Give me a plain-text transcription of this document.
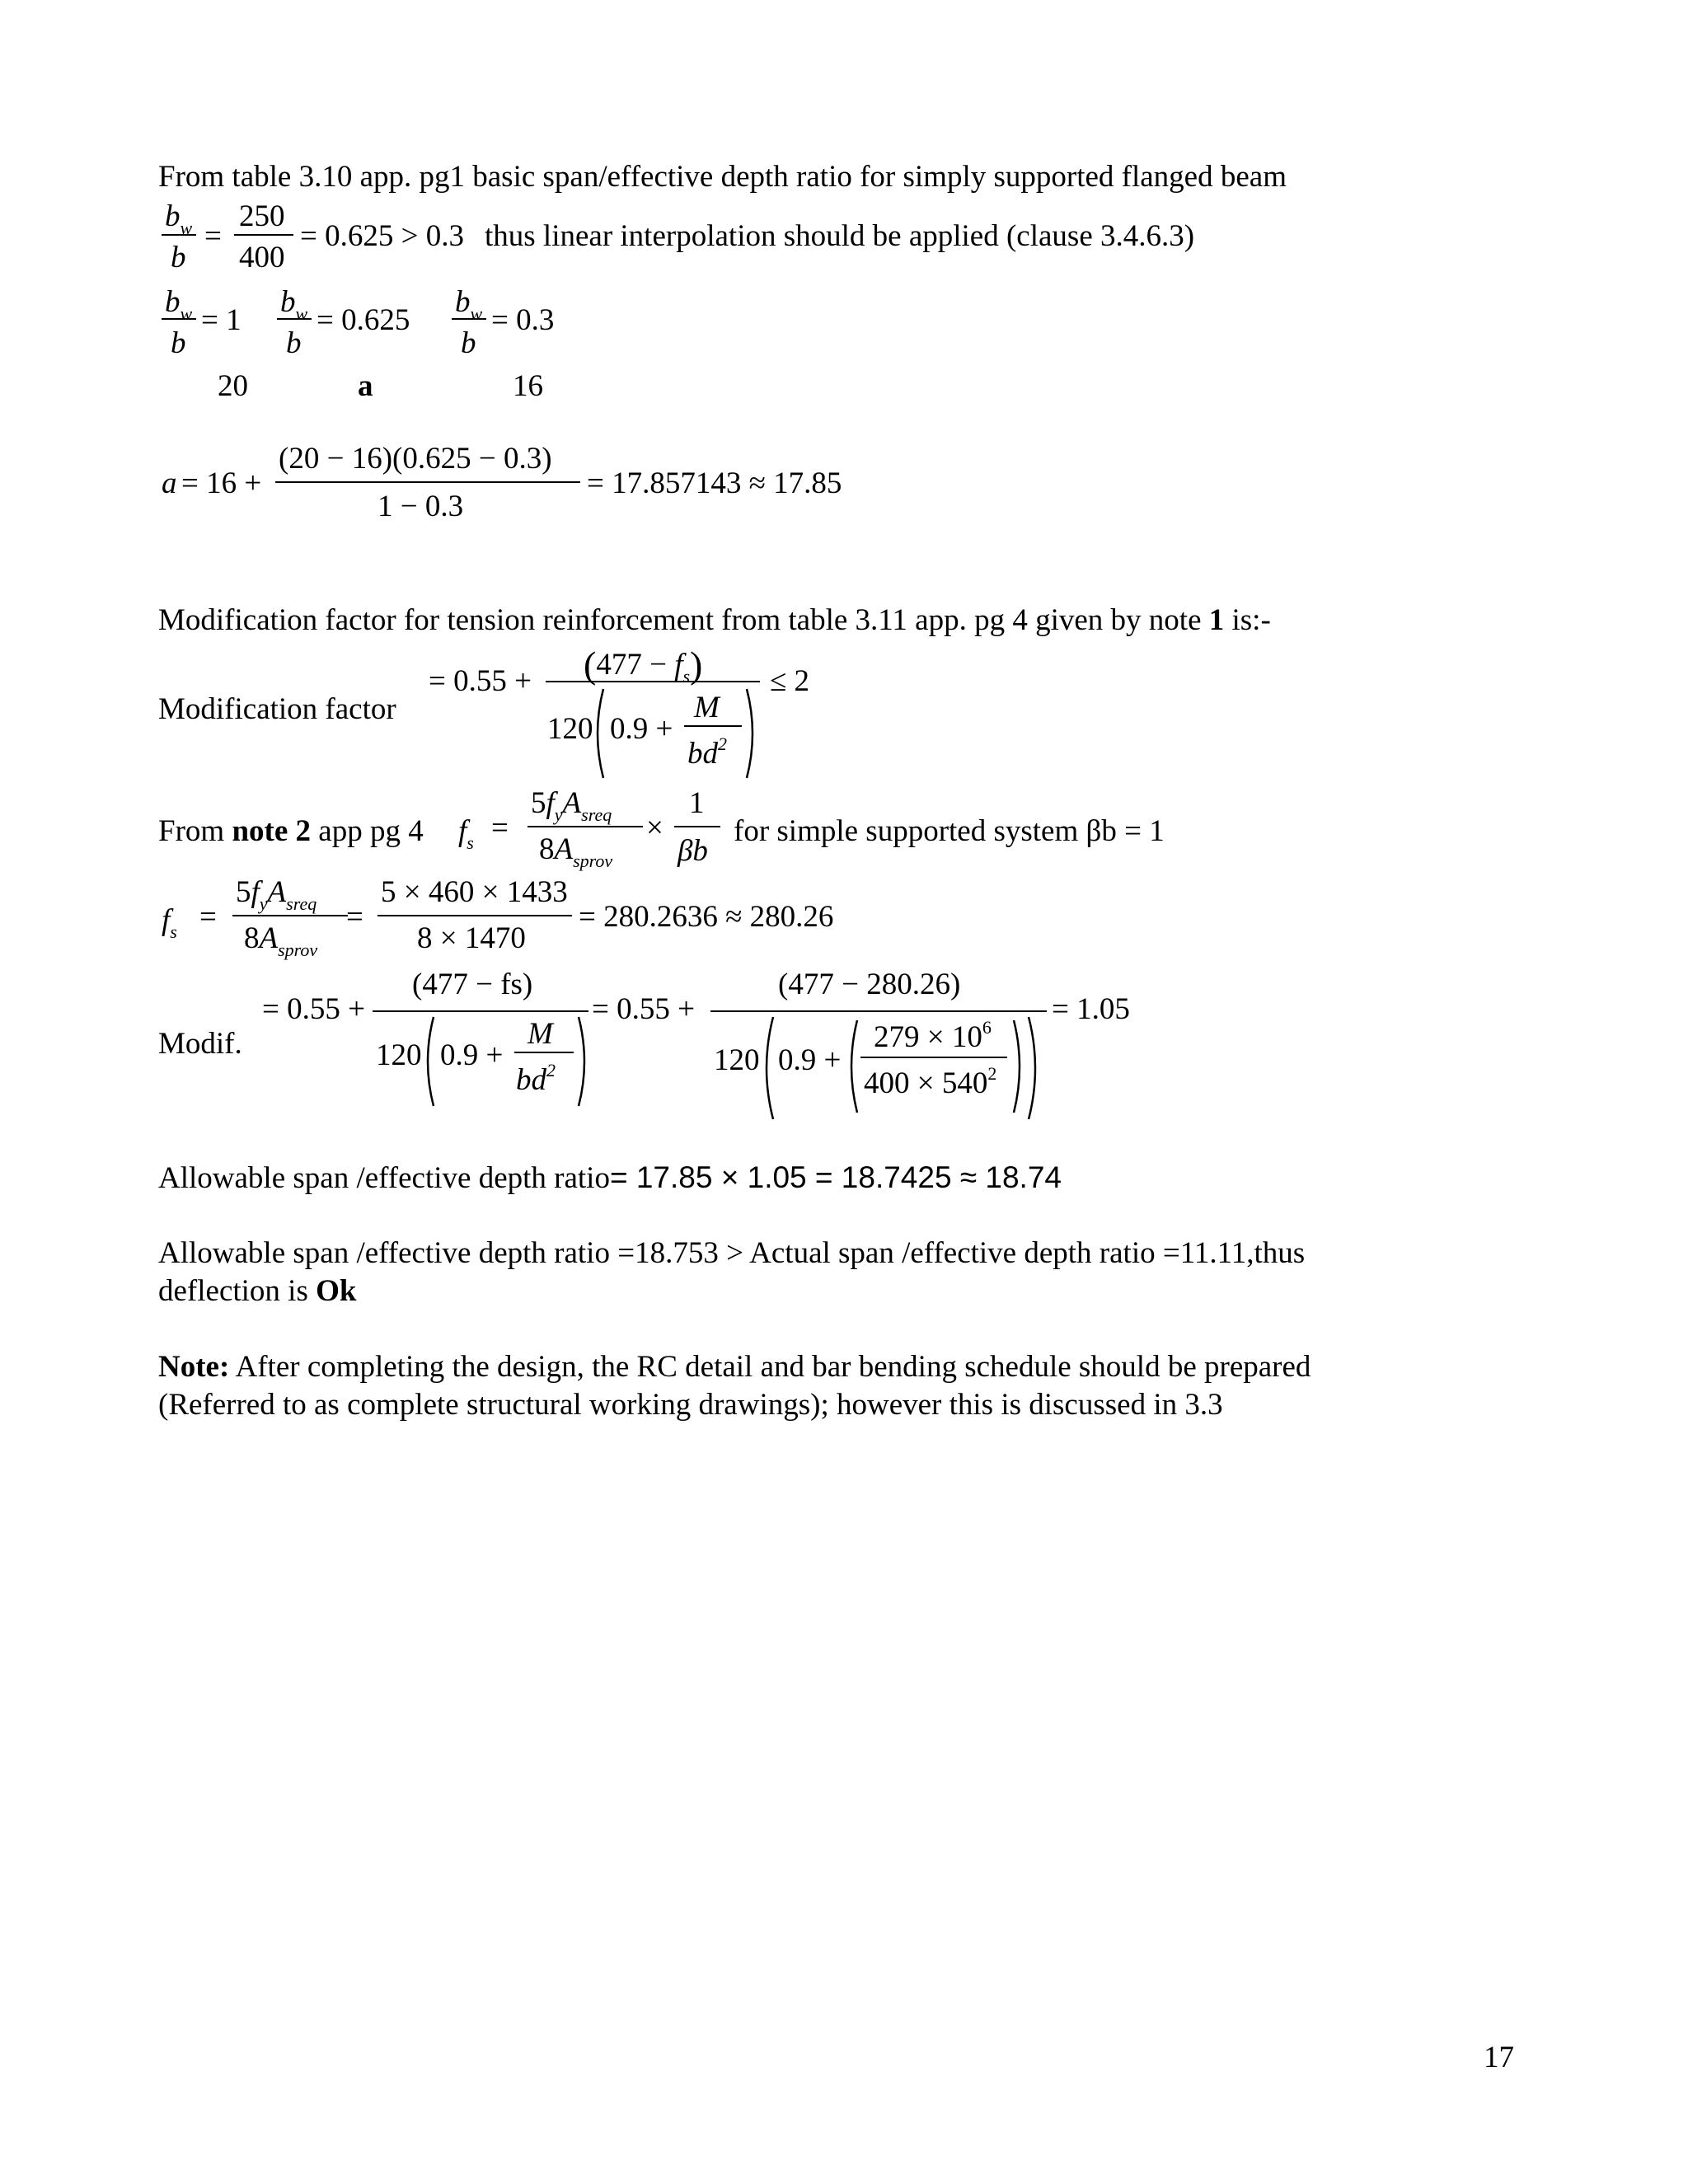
From table 3.10 app. pg1 basic span/effective depth ratio for simply supported flanged beam
$b_w$
b
=
250
400
= 0.625 > 0.3 thus linear interpolation should be applied (clause 3.4.6.3)
$b_w$
b
= 1
$b_w$
b
= 0.625
$b_w$
b
= 0.3
20	a	16
a = 16 +
(20 − 16)(0.625 − 0.3)
1 − 0.3
= 17.857143 ≈ 17.85
Modification factor for tension reinforcement from table 3.11 app. pg 4 given by note 1 is:-
Modification factor
= $0.55 + (477 - f_s) \le 2$
120 0.9 +
M
$bd^2$
From note 2 app pg 4 $f_s$ =
$5f_yA_{sreq}$
$8A_{sprov}$
×
1
βb
for simple supported system βb = 1
$f_s$ =
$5f_yA_{sreq}$
$8A_{sprov}$
=
5 × 460 × 1433
8 × 1470
= 280.2636 ≈ 280.26
Modif.
= 0.55 +
(477 − fs)
120 0.9 +
M
$bd^2$
= 0.55 +
(477 − 280.26)
120 0.9 +
$279 \times 10^6$
$400 \times 540^2$
= 1.05
Allowable span /effective depth ratio= 17.85 × 1.05 = 18.7425 ≈ 18.74
Allowable span /effective depth ratio =18.753 > Actual span /effective depth ratio =11.11,thus
deflection is Ok
Note: After completing the design, the RC detail and bar bending schedule should be prepared
(Referred to as complete structural working drawings); however this is discussed in 3.3
17
